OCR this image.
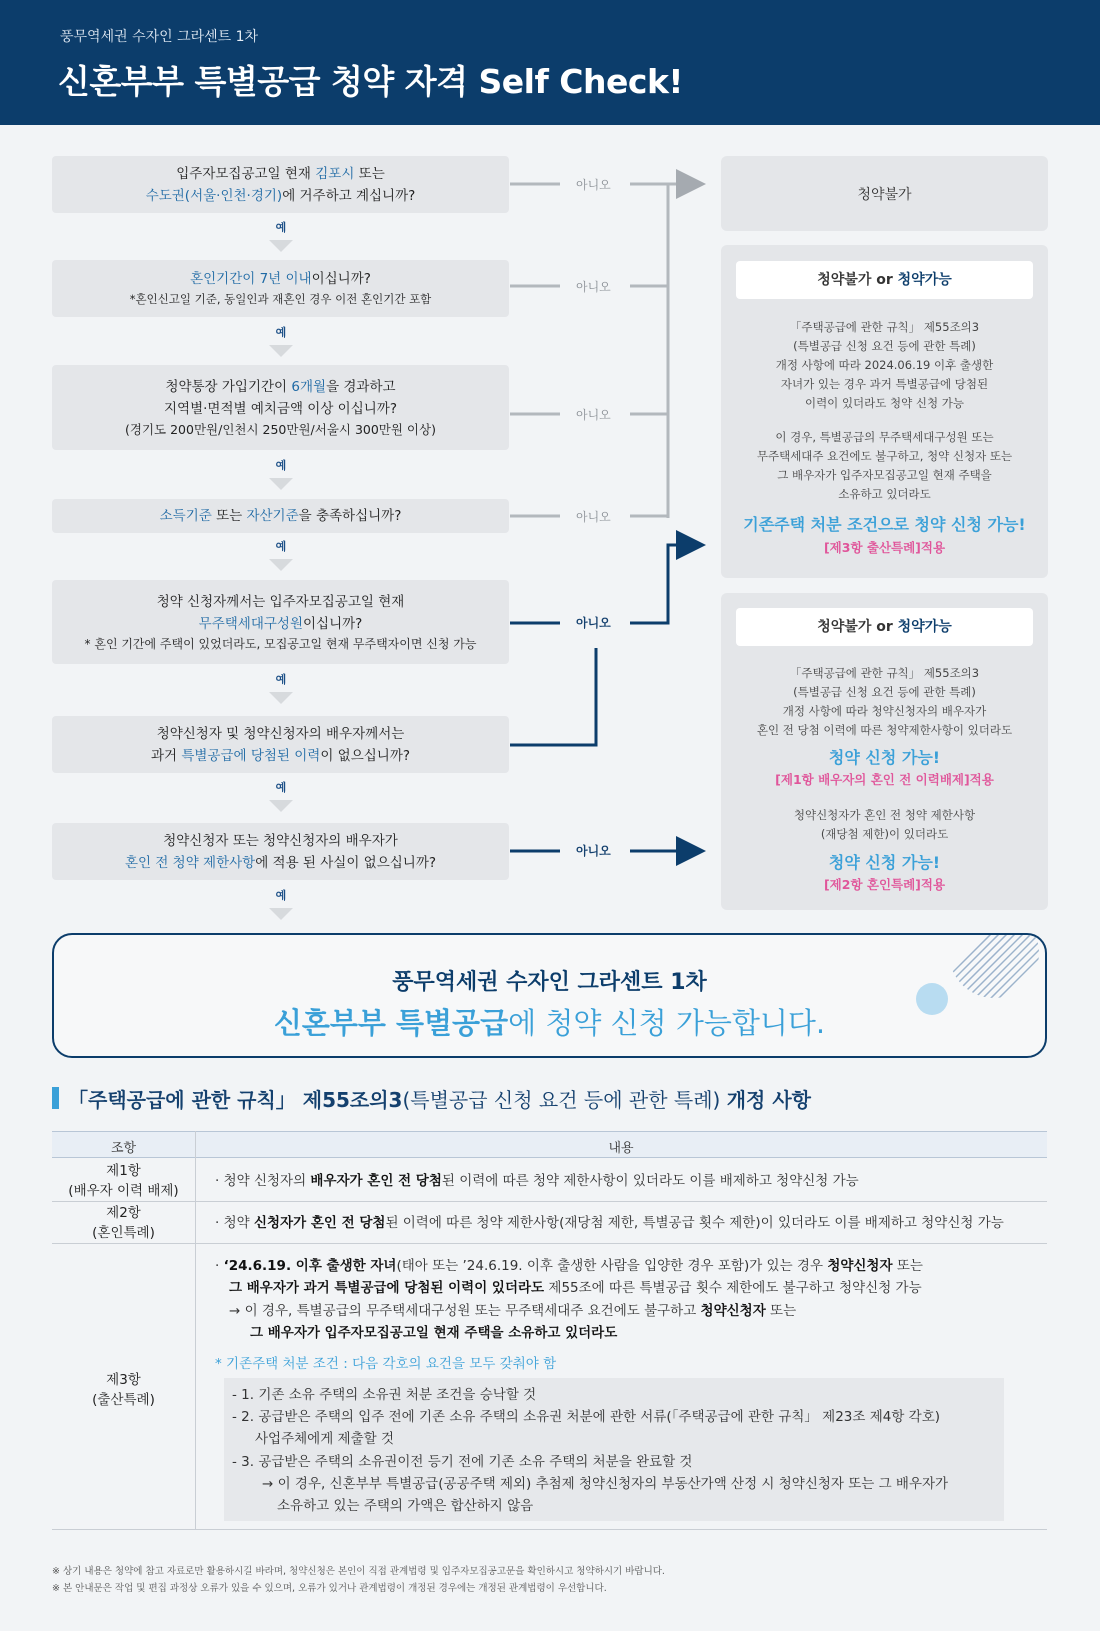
풍무역세권 수자인 그라센트 1차
신혼부부 특별공급 청약 자격 Self Check!
입주자모집공고일 현재 김포시 또는
수도권(서울·인천·경기)에 거주하고 계십니까?
아니오
예
혼인기간이 7년 이내이십니까?
*혼인신고일 기준, 동일인과 재혼인 경우 이전 혼인기간 포함
아니오
예
청약통장 가입기간이 6개월을 경과하고
지역별·면적별 예치금액 이상 이십니까?
(경기도 200만원/인천시 250만원/서울시 300만원 이상)
아니오
예
소득기준 또는 자산기준을 충족하십니까?	아니오
예
청약 신청자께서는 입주자모집공고일 현재
무주택세대구성원이십니까?
* 혼인 기간에 주택이 있었더라도, 모집공고일 현재 무주택자이면 신청 가능
아니오
예
청약신청자 및 청약신청자의 배우자께서는
과거 특별공급에 당첨된 이력이 없으십니까?
예
청약신청자 또는 청약신청자의 배우자가
혼인 전 청약 제한사항에 적용 된 사실이 없으십니까?
아니오
예
청약불가
청약불가 or 청약가능
「주택공급에 관한 규칙」 제55조의3
(특별공급 신청 요건 등에 관한 특례)
개정 사항에 따라 2024.06.19 이후 출생한
자녀가 있는 경우 과거 특별공급에 당첨된
이력이 있더라도 청약 신청 가능
이 경우, 특별공급의 무주택세대구성원 또는
무주택세대주 요건에도 불구하고, 청약 신청자 또는
그 배우자가 입주자모집공고일 현재 주택을
소유하고 있더라도
기존주택 처분 조건으로 청약 신청 가능!
[제3항 출산특례]적용
청약불가 or 청약가능
「주택공급에 관한 규칙」 제55조의3
(특별공급 신청 요건 등에 관한 특례)
개정 사항에 따라 청약신청자의 배우자가
혼인 전 당첨 이력에 따른 청약제한사항이 있더라도
청약 신청 가능!
[제1항 배우자의 혼인 전 이력배제]적용
청약신청자가 혼인 전 청약 제한사항
(재당첨 제한)이 있더라도
청약 신청 가능!
[제2항 혼인특례]적용
풍무역세권 수자인 그라센트 1차
신혼부부 특별공급에 청약 신청 가능합니다.
「주택공급에 관한 규칙」 제55조의3(특별공급 신청 요건 등에 관한 특례) 개정 사항
조항	내용
제1항
(배우자 이력 배제)
· 청약 신청자의 배우자가 혼인 전 당첨된 이력에 따른 청약 제한사항이 있더라도 이를 배제하고 청약신청 가능
제2항
(혼인특례)
· 청약 신청자가 혼인 전 당첨된 이력에 따른 청약 제한사항(재당첨 제한, 특별공급 횟수 제한)이 있더라도 이를 배제하고 청약신청 가능
제3항
(출산특례)
· ‘24.6.19. 이후 출생한 자녀(태아 또는 ’24.6.19. 이후 출생한 사람을 입양한 경우 포함)가 있는 경우 청약신청자 또는
그 배우자가 과거 특별공급에 당첨된 이력이 있더라도 제55조에 따른 특별공급 횟수 제한에도 불구하고 청약신청 가능
→ 이 경우, 특별공급의 무주택세대구성원 또는 무주택세대주 요건에도 불구하고 청약신청자 또는
그 배우자가 입주자모집공고일 현재 주택을 소유하고 있더라도
* 기존주택 처분 조건 : 다음 각호의 요건을 모두 갖춰야 함
- 1. 기존 소유 주택의 소유권 처분 조건을 승낙할 것
- 2. 공급받은 주택의 입주 전에 기존 소유 주택의 소유권 처분에 관한 서류(「주택공급에 관한 규칙」 제23조 제4항 각호)
사업주체에게 제출할 것
- 3. 공급받은 주택의 소유권이전 등기 전에 기존 소유 주택의 처분을 완료할 것
→ 이 경우, 신혼부부 특별공급(공공주택 제외) 추첨제 청약신청자의 부동산가액 산정 시 청약신청자 또는 그 배우자가
소유하고 있는 주택의 가액은 합산하지 않음
※ 상기 내용은 청약에 참고 자료로만 활용하시길 바라며, 청약신청은 본인이 직접 관계법령 및 입주자모집공고문을 확인하시고 청약하시기 바랍니다.
※ 본 안내문은 작업 및 편집 과정상 오류가 있을 수 있으며, 오류가 있거나 관계법령이 개정된 경우에는 개정된 관계법령이 우선합니다.
